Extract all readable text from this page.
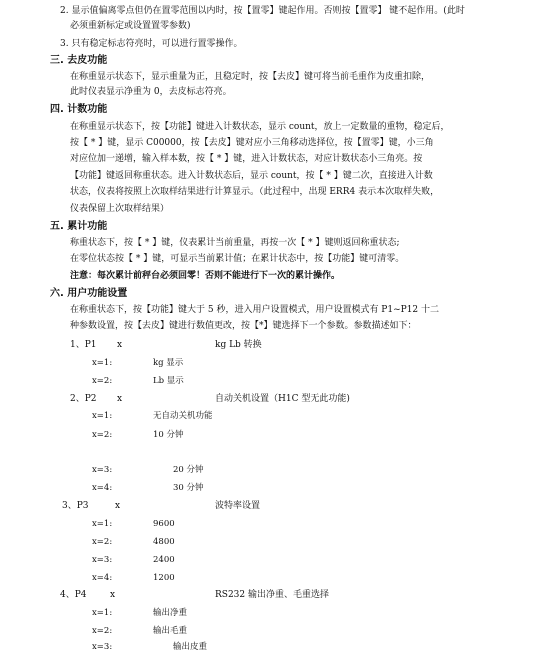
2. 显示值偏离零点但仍在置零范围以内时，按【置零】键起作用。否则按【置零】 键不起作用。(此时
必须重新标定或设置置零参数)
3. 只有稳定标志符亮时，可以进行置零操作。
三. 去皮功能
在称重显示状态下，显示重量为正，且稳定时，按【去皮】键可将当前毛重作为皮重扣除，
此时仪表显示净重为 0，去皮标志符亮。
四. 计数功能
在称重显示状态下，按【功能】键进入计数状态，显示 count，放上一定数量的重物，稳定后，
按【 * 】键，显示 C00000，按【去皮】键对应小三角移动选择位，按【置零】键，小三角
对应位加一递增，输入样本数，按【 * 】键，进入计数状态，对应计数状态小三角亮。按
【功能】键返回称重状态。进入计数状态后，显示 count，按【 * 】键二次，直接进入计数
状态，仪表将按照上次取样结果进行计算显示。（此过程中，出现 ERR4 表示本次取样失败，
仪表保留上次取样结果）
五. 累计功能
称重状态下，按【 * 】键，仪表累计当前重量，再按一次【 * 】键则返回称重状态;
在零位状态按【 * 】键，可显示当前累计值；在累计状态中，按【功能】键可清零。
注意：每次累计前秤台必须回零！否则不能进行下一次的累计操作。
六. 用户功能设置
在称重状态下，按【功能】键大于 5 秒，进入用户设置模式，用户设置模式有 P1~P12 十二
种参数设置，按【去皮】键进行数值更改，按【*】键选择下一个参数。参数描述如下：
1、P1 x	kg Lb 转换
x=1:	kg 显示
x=2:	Lb 显示
2、P2 x	自动关机设置（H1C 型无此功能)
x=1:	无自动关机功能
x=2:	10 分钟
x=3:	20 分钟
x=4:	30 分钟
3、P3	x	波特率设置
x=1:	9600
x=2:	4800
x=3:	2400
x=4:	1200
4、P4	x	RS232 输出净重、毛重选择
x=1:	输出净重
x=2:	输出毛重
x=3:	输出皮重
